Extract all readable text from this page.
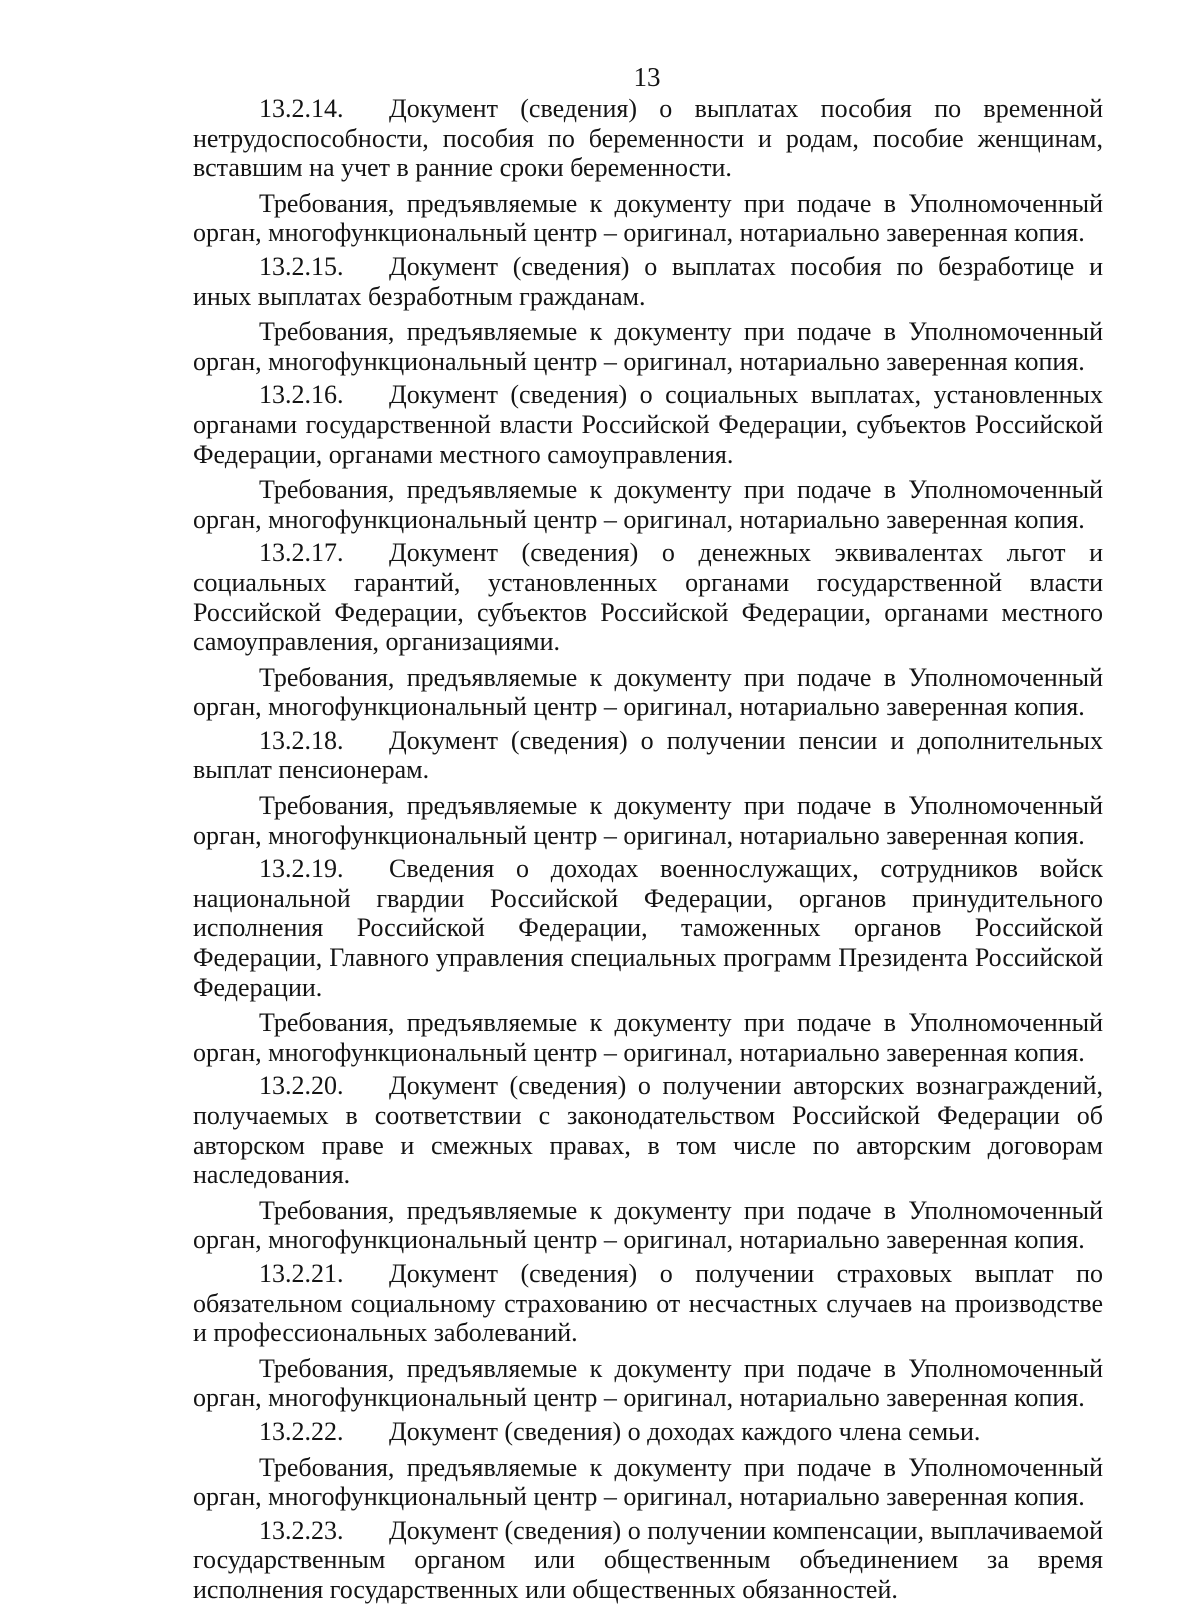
13

13.2.14. Документ (сведения) о выплатах пособия по временной нетрудоспособности, пособия по беременности и родам, пособие женщинам, вставшим на учет в ранние сроки беременности.

Требования, предъявляемые к документу при подаче в Уполномоченный орган, многофункциональный центр – оригинал, нотариально заверенная копия.

13.2.15. Документ (сведения) о выплатах пособия по безработице и иных выплатах безработным гражданам.

Требования, предъявляемые к документу при подаче в Уполномоченный орган, многофункциональный центр – оригинал, нотариально заверенная копия.

13.2.16. Документ (сведения) о социальных выплатах, установленных органами государственной власти Российской Федерации, субъектов Российской Федерации, органами местного самоуправления.

Требования, предъявляемые к документу при подаче в Уполномоченный орган, многофункциональный центр – оригинал, нотариально заверенная копия.

13.2.17. Документ (сведения) о денежных эквивалентах льгот и социальных гарантий, установленных органами государственной власти Российской Федерации, субъектов Российской Федерации, органами местного самоуправления, организациями.

Требования, предъявляемые к документу при подаче в Уполномоченный орган, многофункциональный центр – оригинал, нотариально заверенная копия.

13.2.18. Документ (сведения) о получении пенсии и дополнительных выплат пенсионерам.

Требования, предъявляемые к документу при подаче в Уполномоченный орган, многофункциональный центр – оригинал, нотариально заверенная копия.

13.2.19. Сведения о доходах военнослужащих, сотрудников войск национальной гвардии Российской Федерации, органов принудительного исполнения Российской Федерации, таможенных органов Российской Федерации, Главного управления специальных программ Президента Российской Федерации.

Требования, предъявляемые к документу при подаче в Уполномоченный орган, многофункциональный центр – оригинал, нотариально заверенная копия.

13.2.20. Документ (сведения) о получении авторских вознаграждений, получаемых в соответствии с законодательством Российской Федерации об авторском праве и смежных правах, в том числе по авторским договорам наследования.

Требования, предъявляемые к документу при подаче в Уполномоченный орган, многофункциональный центр – оригинал, нотариально заверенная копия.

13.2.21. Документ (сведения) о получении страховых выплат по обязательном социальному страхованию от несчастных случаев на производстве и профессиональных заболеваний.

Требования, предъявляемые к документу при подаче в Уполномоченный орган, многофункциональный центр – оригинал, нотариально заверенная копия.

13.2.22. Документ (сведения) о доходах каждого члена семьи.

Требования, предъявляемые к документу при подаче в Уполномоченный орган, многофункциональный центр – оригинал, нотариально заверенная копия.

13.2.23. Документ (сведения) о получении компенсации, выплачиваемой государственным органом или общественным объединением за время исполнения государственных или общественных обязанностей.
